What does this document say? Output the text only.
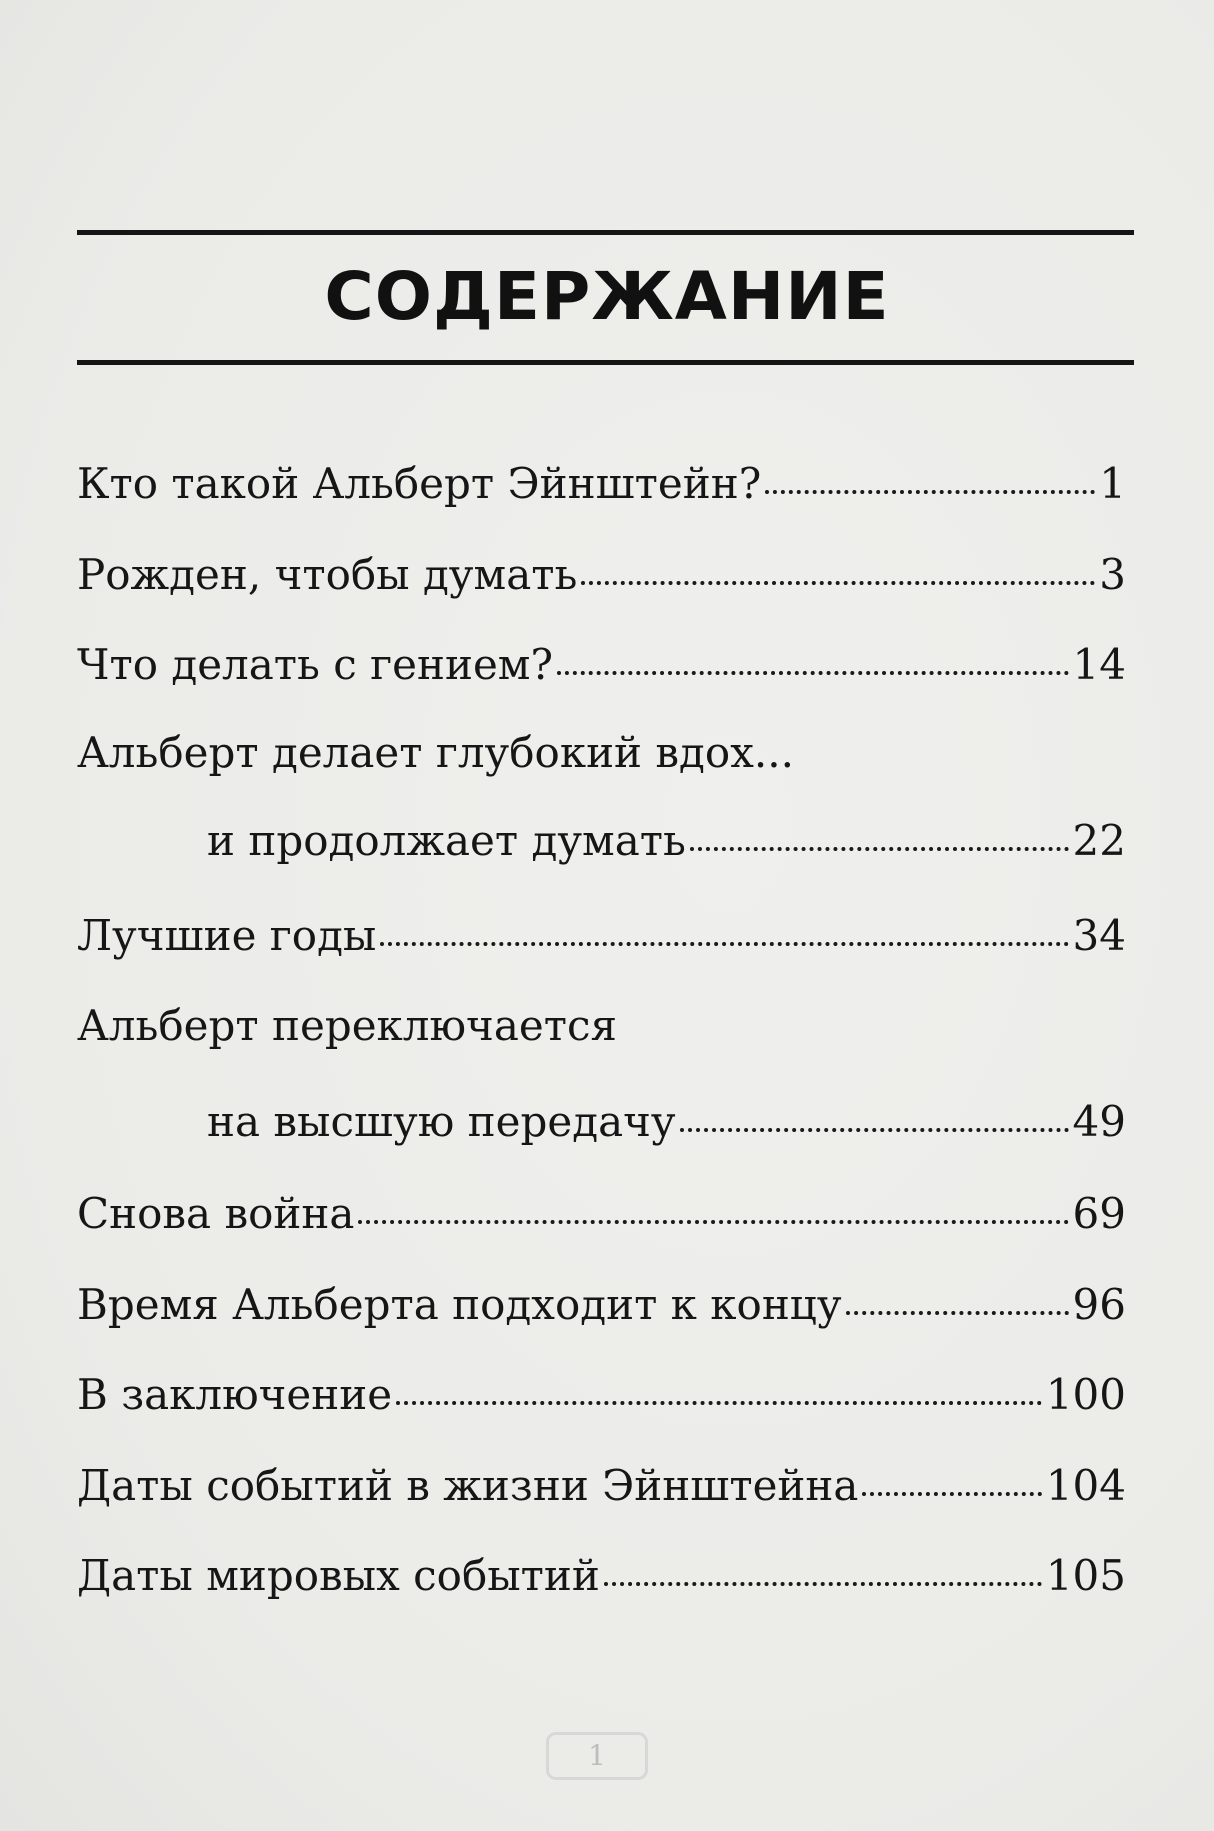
СОДЕРЖАНИЕ
Кто такой Альберт Эйнштейн?	1
Рожден, чтобы думать	3
Что делать с гением?	14
Альберт делает глубокий вдох...
и продолжает думать	22
Лучшие годы	34
Альберт переключается
на высшую передачу	49
Снова война	69
Время Альберта подходит к концу	96
В заключение	100
Даты событий в жизни Эйнштейна	104
Даты мировых событий	105
1
